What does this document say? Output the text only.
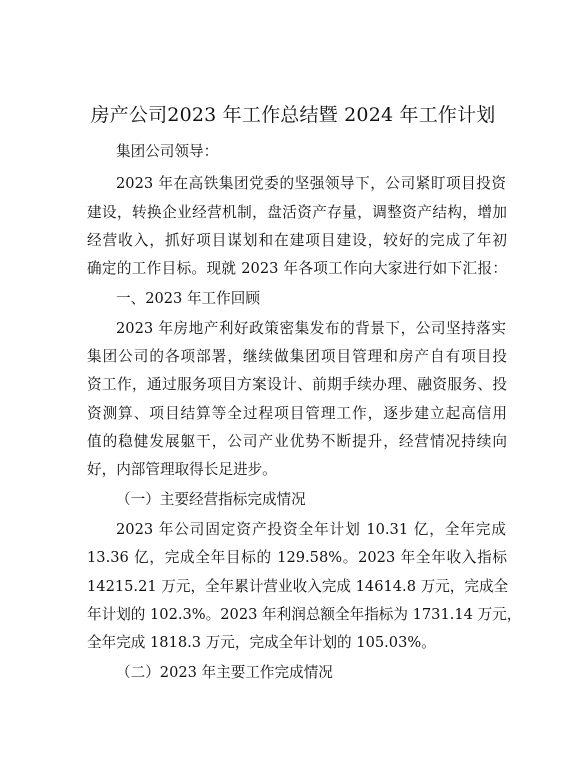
房产公司2023 年工作总结暨 2024 年工作计划
集团公司领导：
2023 年在高铁集团党委的坚强领导下，公司紧盯项目投资
建设，转换企业经营机制，盘活资产存量，调整资产结构，增加
经营收入，抓好项目谋划和在建项目建设，较好的完成了年初
确定的工作目标。现就 2023 年各项工作向大家进行如下汇报：
一、2023 年工作回顾
2023 年房地产利好政策密集发布的背景下，公司坚持落实
集团公司的各项部署，继续做集团项目管理和房产自有项目投
资工作，通过服务项目方案设计、前期手续办理、融资服务、投
资测算、项目结算等全过程项目管理工作，逐步建立起高信用
值的稳健发展躯干，公司产业优势不断提升，经营情况持续向
好，内部管理取得长足进步。
（一）主要经营指标完成情况
2023 年公司固定资产投资全年计划 10.31 亿，全年完成
13.36 亿，完成全年目标的 129.58%。2023 年全年收入指标
14215.21 万元，全年累计营业收入完成 14614.8 万元，完成全
年计划的 102.3%。2023 年利润总额全年指标为 1731.14 万元，
全年完成 1818.3 万元，完成全年计划的 105.03%。
（二）2023 年主要工作完成情况
